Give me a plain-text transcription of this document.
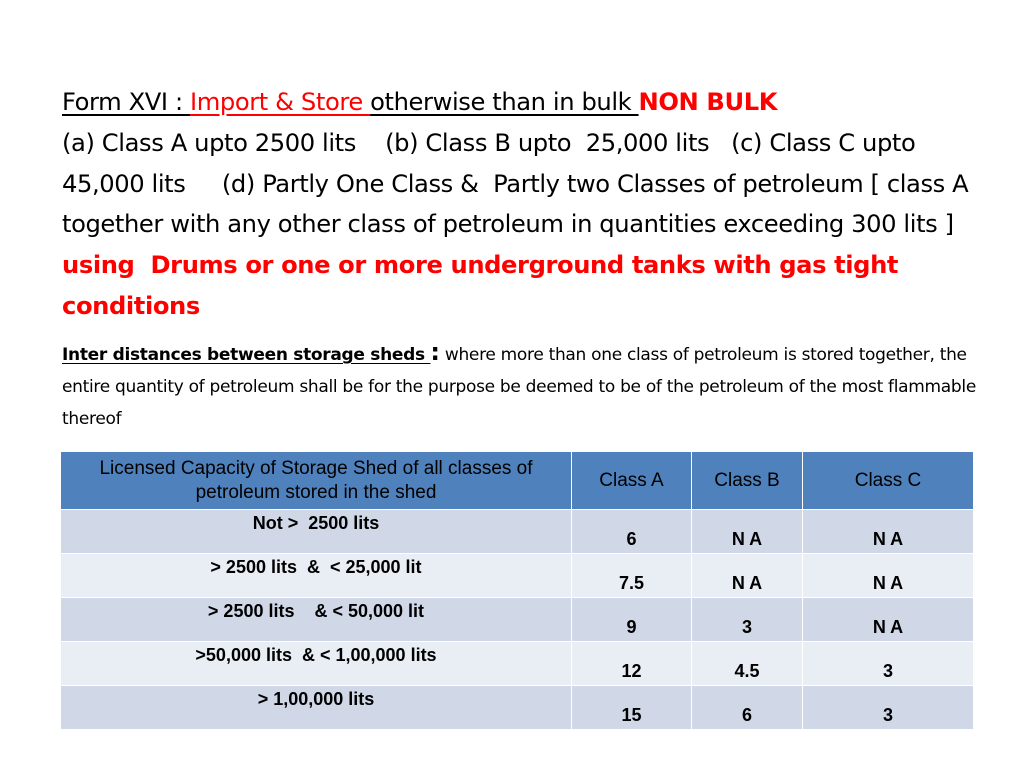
Form XVI : Import & Store otherwise than in bulk NON BULK
(a) Class A upto 2500 lits    (b) Class B upto  25,000 lits   (c) Class C upto 45,000 lits     (d) Partly One Class &  Partly two Classes of petroleum [ class A together with any other class of petroleum in quantities exceeding 300 lits ] using  Drums or one or more underground tanks with gas tight conditions
Inter distances between storage sheds : where more than one class of petroleum is stored together, the entire quantity of petroleum shall be for the purpose be deemed to be of the petroleum of the most flammable thereof
Licensed Capacity of Storage Shed of all classes of petroleum stored in the shed	Class A	Class B	Class C
Not >  2500 lits	6	N A	N A
> 2500 lits  &  < 25,000 lit	7.5	N A	N A
> 2500 lits    & < 50,000 lit	9	3	N A
>50,000 lits  & < 1,00,000 lits	12	4.5	3
> 1,00,000 lits	15	6	3
